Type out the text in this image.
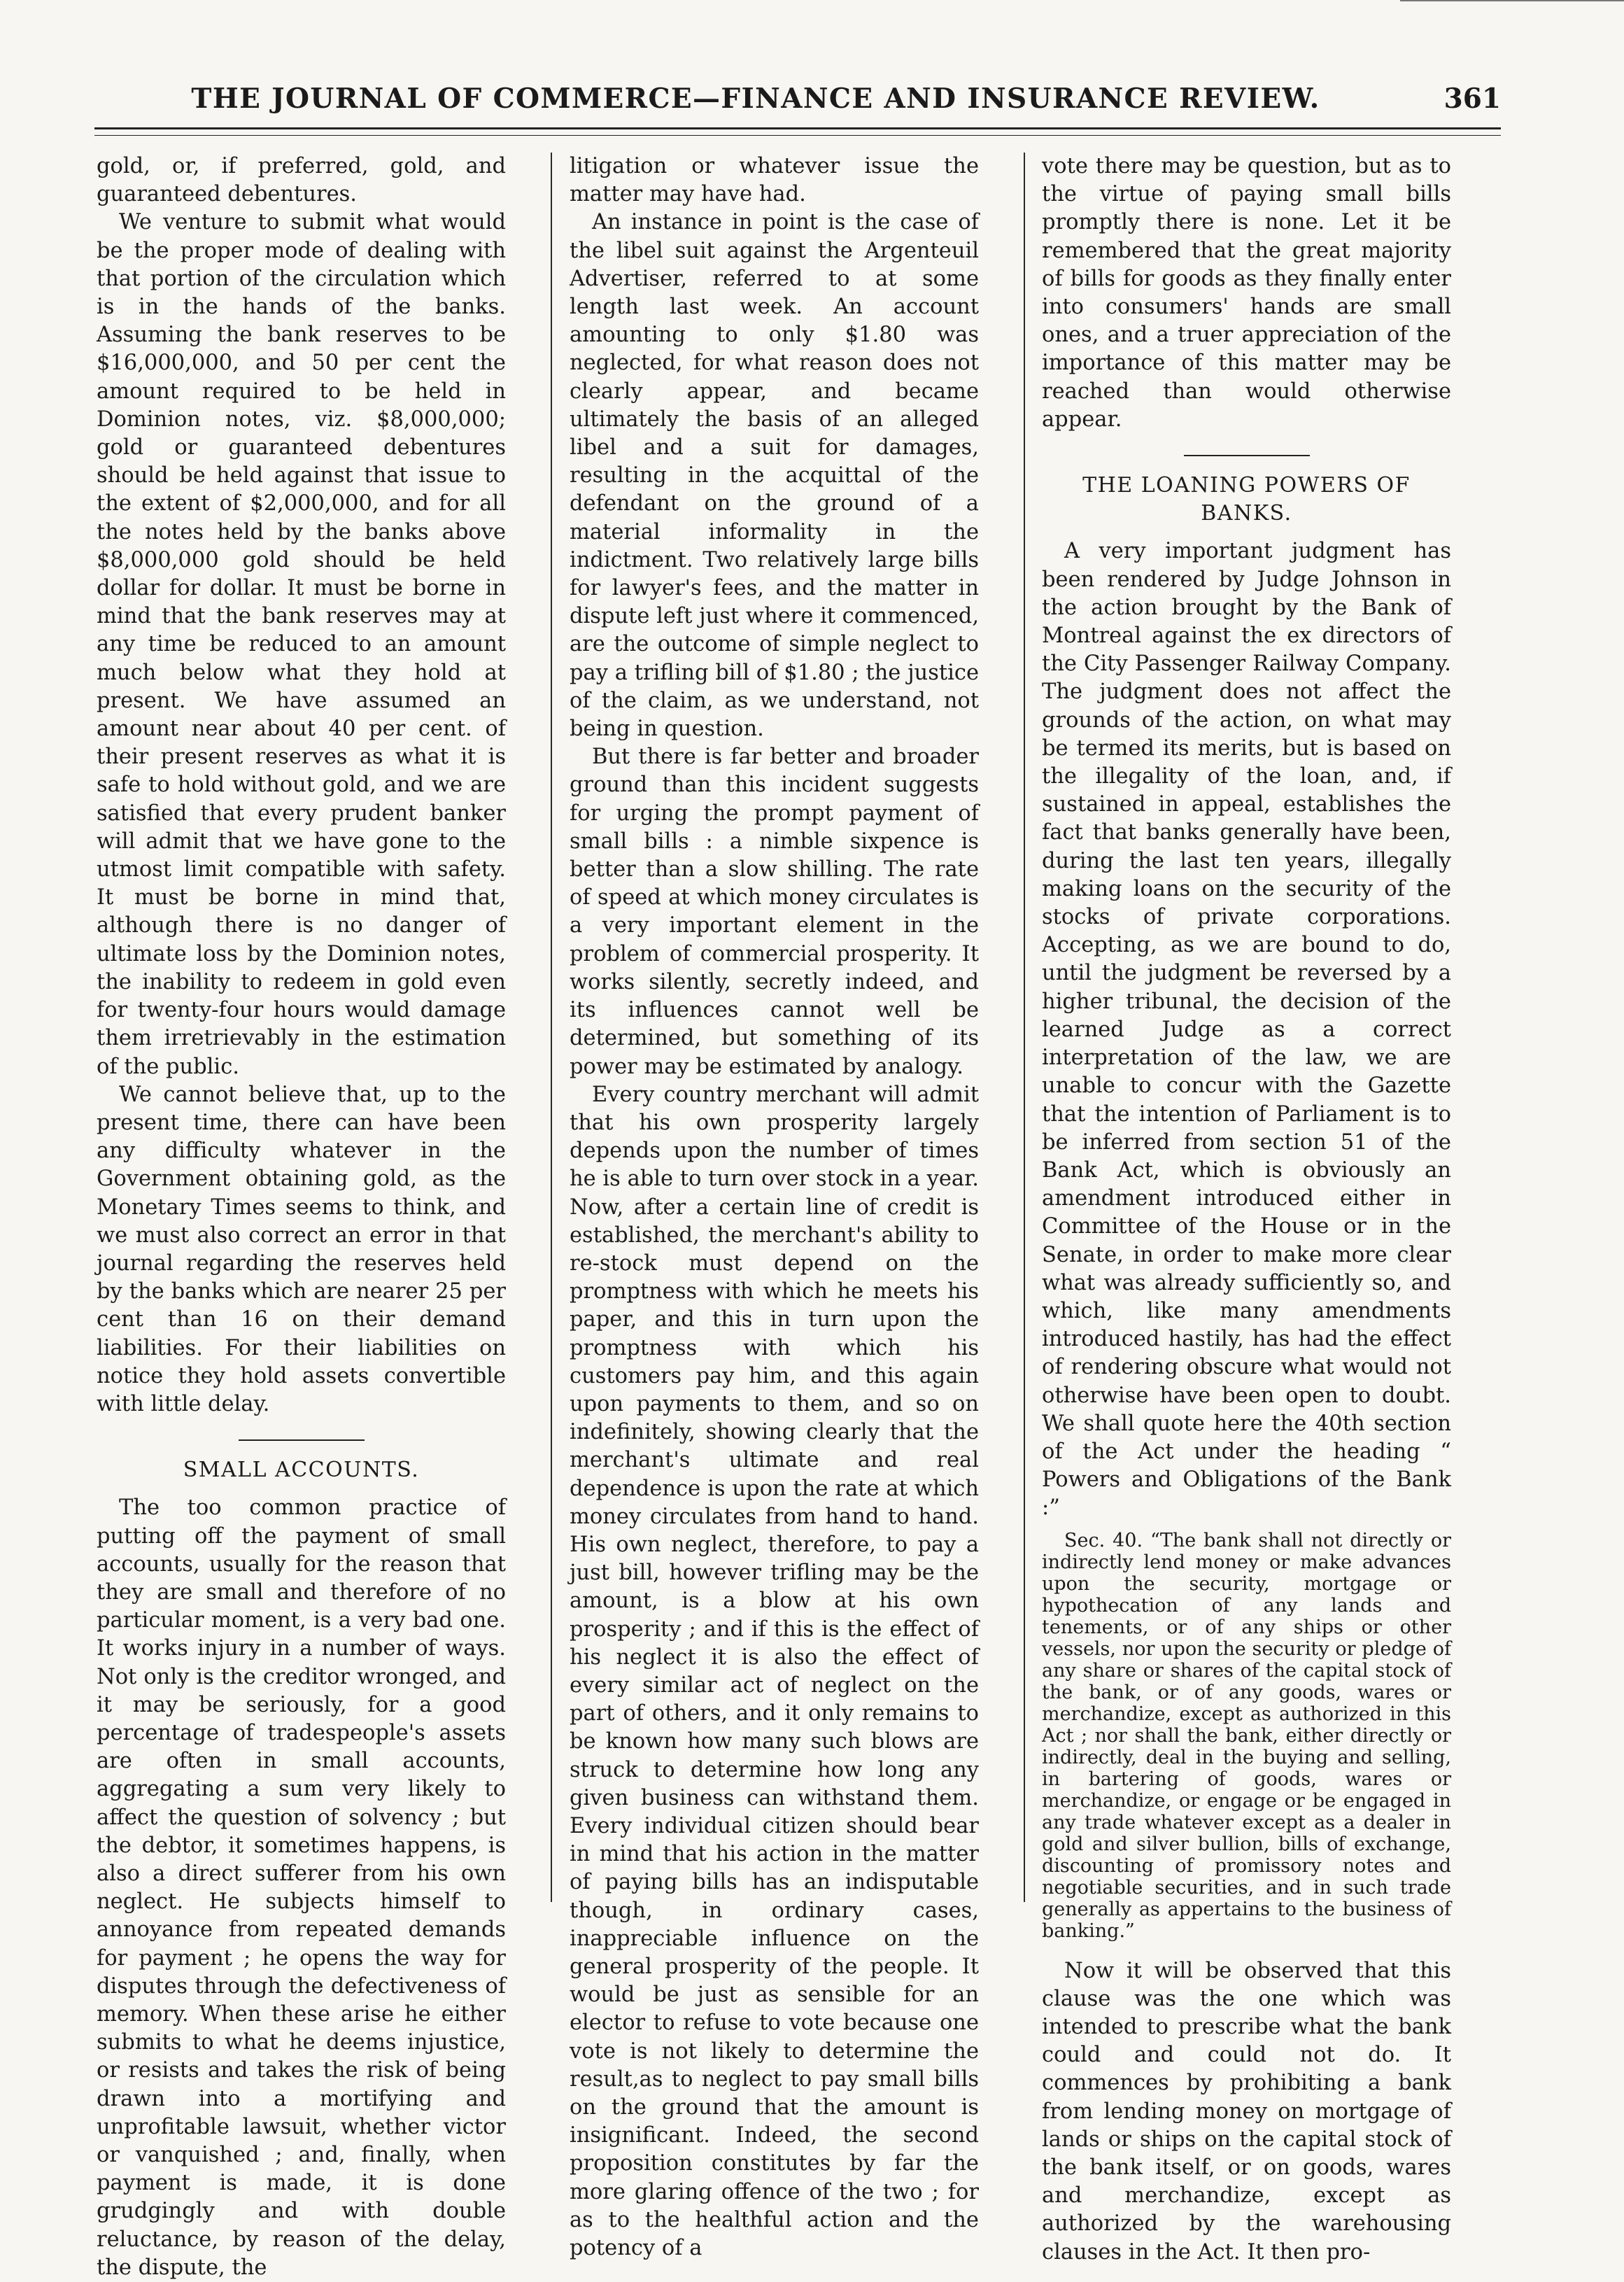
THE JOURNAL OF COMMERCE—FINANCE AND INSURANCE REVIEW.	361

gold, or, if preferred, gold, and guaranteed debentures.

We venture to submit what would be the proper mode of dealing with that portion of the circulation which is in the hands of the banks. Assuming the bank reserves to be $16,000,000, and 50 per cent the amount required to be held in Dominion notes, viz. $8,000,000; gold or guaranteed debentures should be held against that issue to the extent of $2,000,000, and for all the notes held by the banks above $8,000,000 gold should be held dollar for dollar. It must be borne in mind that the bank reserves may at any time be reduced to an amount much below what they hold at present. We have assumed an amount near about 40 per cent. of their present reserves as what it is safe to hold without gold, and we are satisfied that every prudent banker will admit that we have gone to the utmost limit compatible with safety. It must be borne in mind that, although there is no danger of ultimate loss by the Dominion notes, the inability to redeem in gold even for twenty-four hours would damage them irretrievably in the estimation of the public.

We cannot believe that, up to the present time, there can have been any difficulty whatever in the Government obtaining gold, as the Monetary Times seems to think, and we must also correct an error in that journal regarding the reserves held by the banks which are nearer 25 per cent than 16 on their demand liabilities. For their liabilities on notice they hold assets convertible with little delay.

SMALL ACCOUNTS.

The too common practice of putting off the payment of small accounts, usually for the reason that they are small and therefore of no particular moment, is a very bad one. It works injury in a number of ways. Not only is the creditor wronged, and it may be seriously, for a good percentage of tradespeople's assets are often in small accounts, aggregating a sum very likely to affect the question of solvency ; but the debtor, it sometimes happens, is also a direct sufferer from his own neglect. He subjects himself to annoyance from repeated demands for payment ; he opens the way for disputes through the defectiveness of memory. When these arise he either submits to what he deems injustice, or resists and takes the risk of being drawn into a mortifying and unprofitable lawsuit, whether victor or vanquished ; and, finally, when payment is made, it is done grudgingly and with double reluctance, by reason of the delay, the dispute, the

litigation or whatever issue the matter may have had.

An instance in point is the case of the libel suit against the Argenteuil Advertiser, referred to at some length last week. An account amounting to only $1.80 was neglected, for what reason does not clearly appear, and became ultimately the basis of an alleged libel and a suit for damages, resulting in the acquittal of the defendant on the ground of a material informality in the indictment. Two relatively large bills for lawyer's fees, and the matter in dispute left just where it commenced, are the outcome of simple neglect to pay a trifling bill of $1.80 ; the justice of the claim, as we understand, not being in question.

But there is far better and broader ground than this incident suggests for urging the prompt payment of small bills : a nimble sixpence is better than a slow shilling. The rate of speed at which money circulates is a very important element in the problem of commercial prosperity. It works silently, secretly indeed, and its influences cannot well be determined, but something of its power may be estimated by analogy.

Every country merchant will admit that his own prosperity largely depends upon the number of times he is able to turn over stock in a year. Now, after a certain line of credit is established, the merchant's ability to re-stock must depend on the promptness with which he meets his paper, and this in turn upon the promptness with which his customers pay him, and this again upon payments to them, and so on indefinitely, showing clearly that the merchant's ultimate and real dependence is upon the rate at which money circulates from hand to hand. His own neglect, therefore, to pay a just bill, however trifling may be the amount, is a blow at his own prosperity ; and if this is the effect of his neglect it is also the effect of every similar act of neglect on the part of others, and it only remains to be known how many such blows are struck to determine how long any given business can withstand them. Every individual citizen should bear in mind that his action in the matter of paying bills has an indisputable though, in ordinary cases, inappreciable influence on the general prosperity of the people. It would be just as sensible for an elector to refuse to vote because one vote is not likely to determine the result,as to neglect to pay small bills on the ground that the amount is insignificant. Indeed, the second proposition constitutes by far the more glaring offence of the two ; for as to the healthful action and the potency of a

vote there may be question, but as to the virtue of paying small bills promptly there is none. Let it be remembered that the great majority of bills for goods as they finally enter into consumers' hands are small ones, and a truer appreciation of the importance of this matter may be reached than would otherwise appear.

THE LOANING POWERS OF BANKS.

A very important judgment has been rendered by Judge Johnson in the action brought by the Bank of Montreal against the ex directors of the City Passenger Railway Company. The judgment does not affect the grounds of the action, on what may be termed its merits, but is based on the illegality of the loan, and, if sustained in appeal, establishes the fact that banks generally have been, during the last ten years, illegally making loans on the security of the stocks of private corporations. Accepting, as we are bound to do, until the judgment be reversed by a higher tribunal, the decision of the learned Judge as a correct interpretation of the law, we are unable to concur with the Gazette that the intention of Parliament is to be inferred from section 51 of the Bank Act, which is obviously an amendment introduced either in Committee of the House or in the Senate, in order to make more clear what was already sufficiently so, and which, like many amendments introduced hastily, has had the effect of rendering obscure what would not otherwise have been open to doubt. We shall quote here the 40th section of the Act under the heading “ Powers and Obligations of the Bank :”

Sec. 40. “The bank shall not directly or indirectly lend money or make advances upon the security, mortgage or hypothecation of any lands and tenements, or of any ships or other vessels, nor upon the security or pledge of any share or shares of the capital stock of the bank, or of any goods, wares or merchandize, except as authorized in this Act ; nor shall the bank, either directly or indirectly, deal in the buying and selling, in bartering of goods, wares or merchandize, or engage or be engaged in any trade whatever except as a dealer in gold and silver bullion, bills of exchange, discounting of promissory notes and negotiable securities, and in such trade generally as appertains to the business of banking.”

Now it will be observed that this clause was the one which was intended to prescribe what the bank could and could not do. It commences by prohibiting a bank from lending money on mortgage of lands or ships on the capital stock of the bank itself, or on goods, wares and merchandize, except as authorized by the warehousing clauses in the Act. It then pro-
